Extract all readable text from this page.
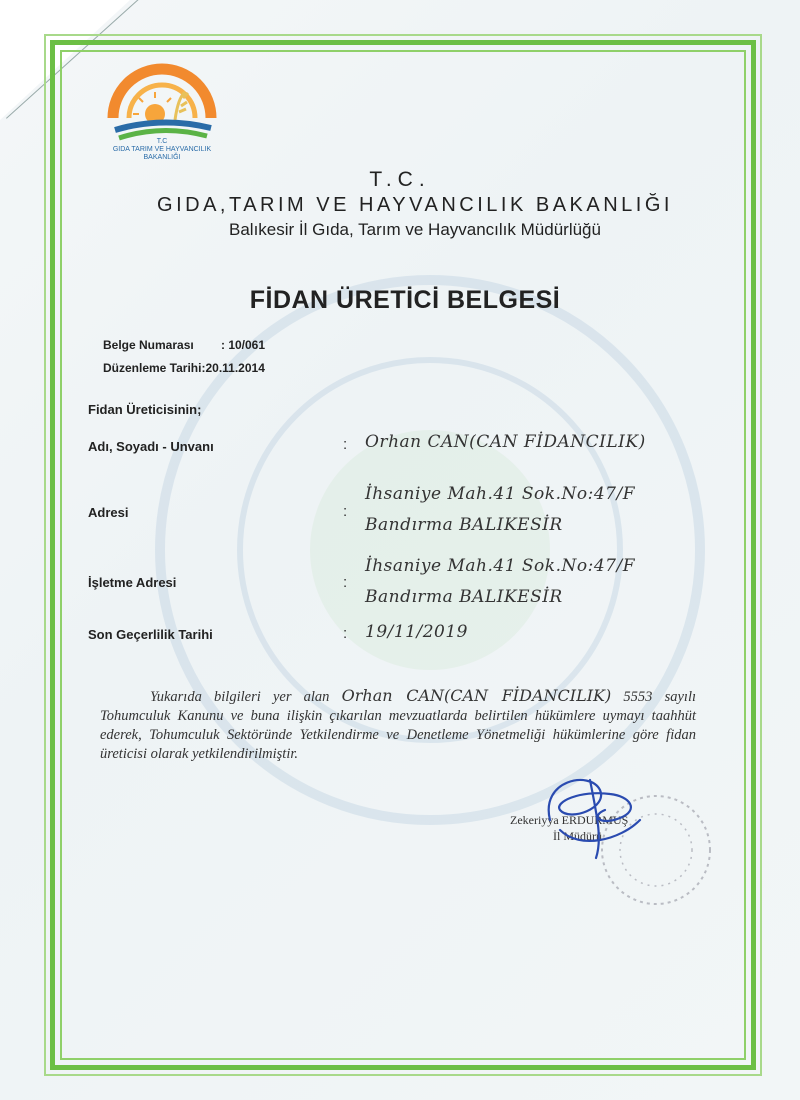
T.C
GIDA TARIM VE HAYVANCILIK
BAKANLIĞI
T.C.
GIDA,TARIM VE HAYVANCILIK BAKANLIĞI
Balıkesir İl Gıda, Tarım ve Hayvancılık Müdürlüğü
FİDAN ÜRETİCİ BELGESİ
Belge Numarası : 10/061
Düzenleme Tarihi:20.11.2014
Fidan Üreticisinin;
Adı, Soyadı - Unvanı	: Orhan CAN(CAN FİDANCILIK)
Adresi	:
İhsaniye Mah.41 Sok.No:47/F
Bandırma BALIKESİR
İşletme Adresi	:
İhsaniye Mah.41 Sok.No:47/F
Bandırma BALIKESİR
Son Geçerlilik Tarihi	: 19/11/2019
Yukarıda bilgileri yer alan Orhan CAN(CAN FİDANCILIK) 5553 sayılı Tohumculuk Kanunu ve buna ilişkin çıkarılan mevzuatlarda belirtilen hükümlere uymayı taahhüt ederek, Tohumculuk Sektöründe Yetkilendirme ve Denetleme Yönetmeliği hükümlerine göre fidan üreticisi olarak yetkilendirilmiştir.
Zekeriyya ERDURMUŞ
İl Müdürü
